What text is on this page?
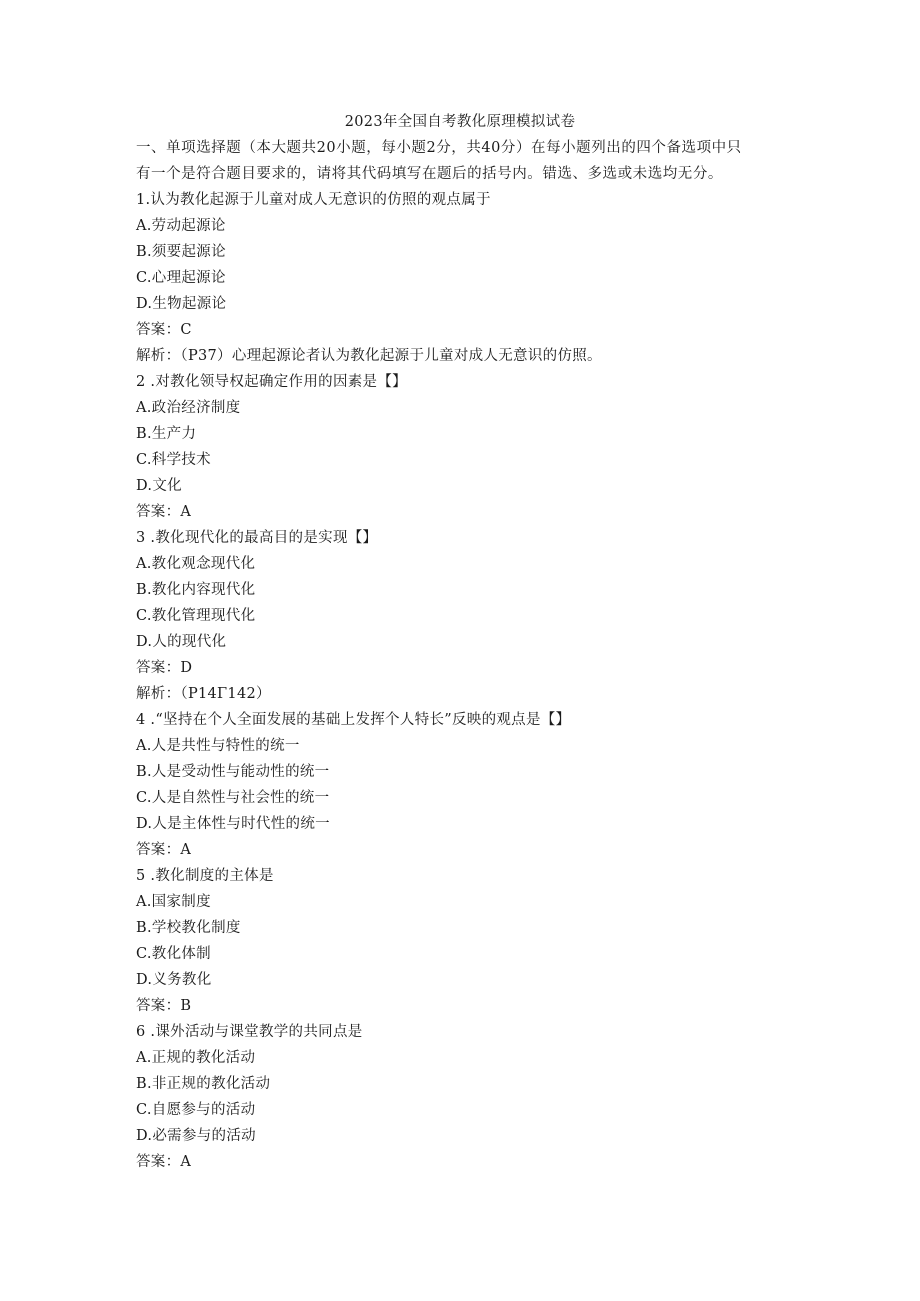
2023年全国自考教化原理模拟试卷
一、单项选择题（本大题共20小题，每小题2分，共40分）在每小题列出的四个备选项中只
有一个是符合题目要求的，请将其代码填写在题后的括号内。错选、多选或未选均无分。
1.认为教化起源于儿童对成人无意识的仿照的观点属于
A.劳动起源论
B.须要起源论
C.心理起源论
D.生物起源论
答案：C
解析：（P37）心理起源论者认为教化起源于儿童对成人无意识的仿照。
2 .对教化领导权起确定作用的因素是【】
A.政治经济制度
B.生产力
C.科学技术
D.文化
答案：A
3 .教化现代化的最高目的是实现【】
A.教化观念现代化
B.教化内容现代化
C.教化管理现代化
D.人的现代化
答案：D
解析：（P14Γ142）
4 .“坚持在个人全面发展的基础上发挥个人特长”反映的观点是【】
A.人是共性与特性的统一
B.人是受动性与能动性的统一
C.人是自然性与社会性的统一
D.人是主体性与时代性的统一
答案：A
5 .教化制度的主体是
A.国家制度
B.学校教化制度
C.教化体制
D.义务教化
答案：B
6 .课外活动与课堂教学的共同点是
A.正规的教化活动
B.非正规的教化活动
C.自愿参与的活动
D.必需参与的活动
答案：A
